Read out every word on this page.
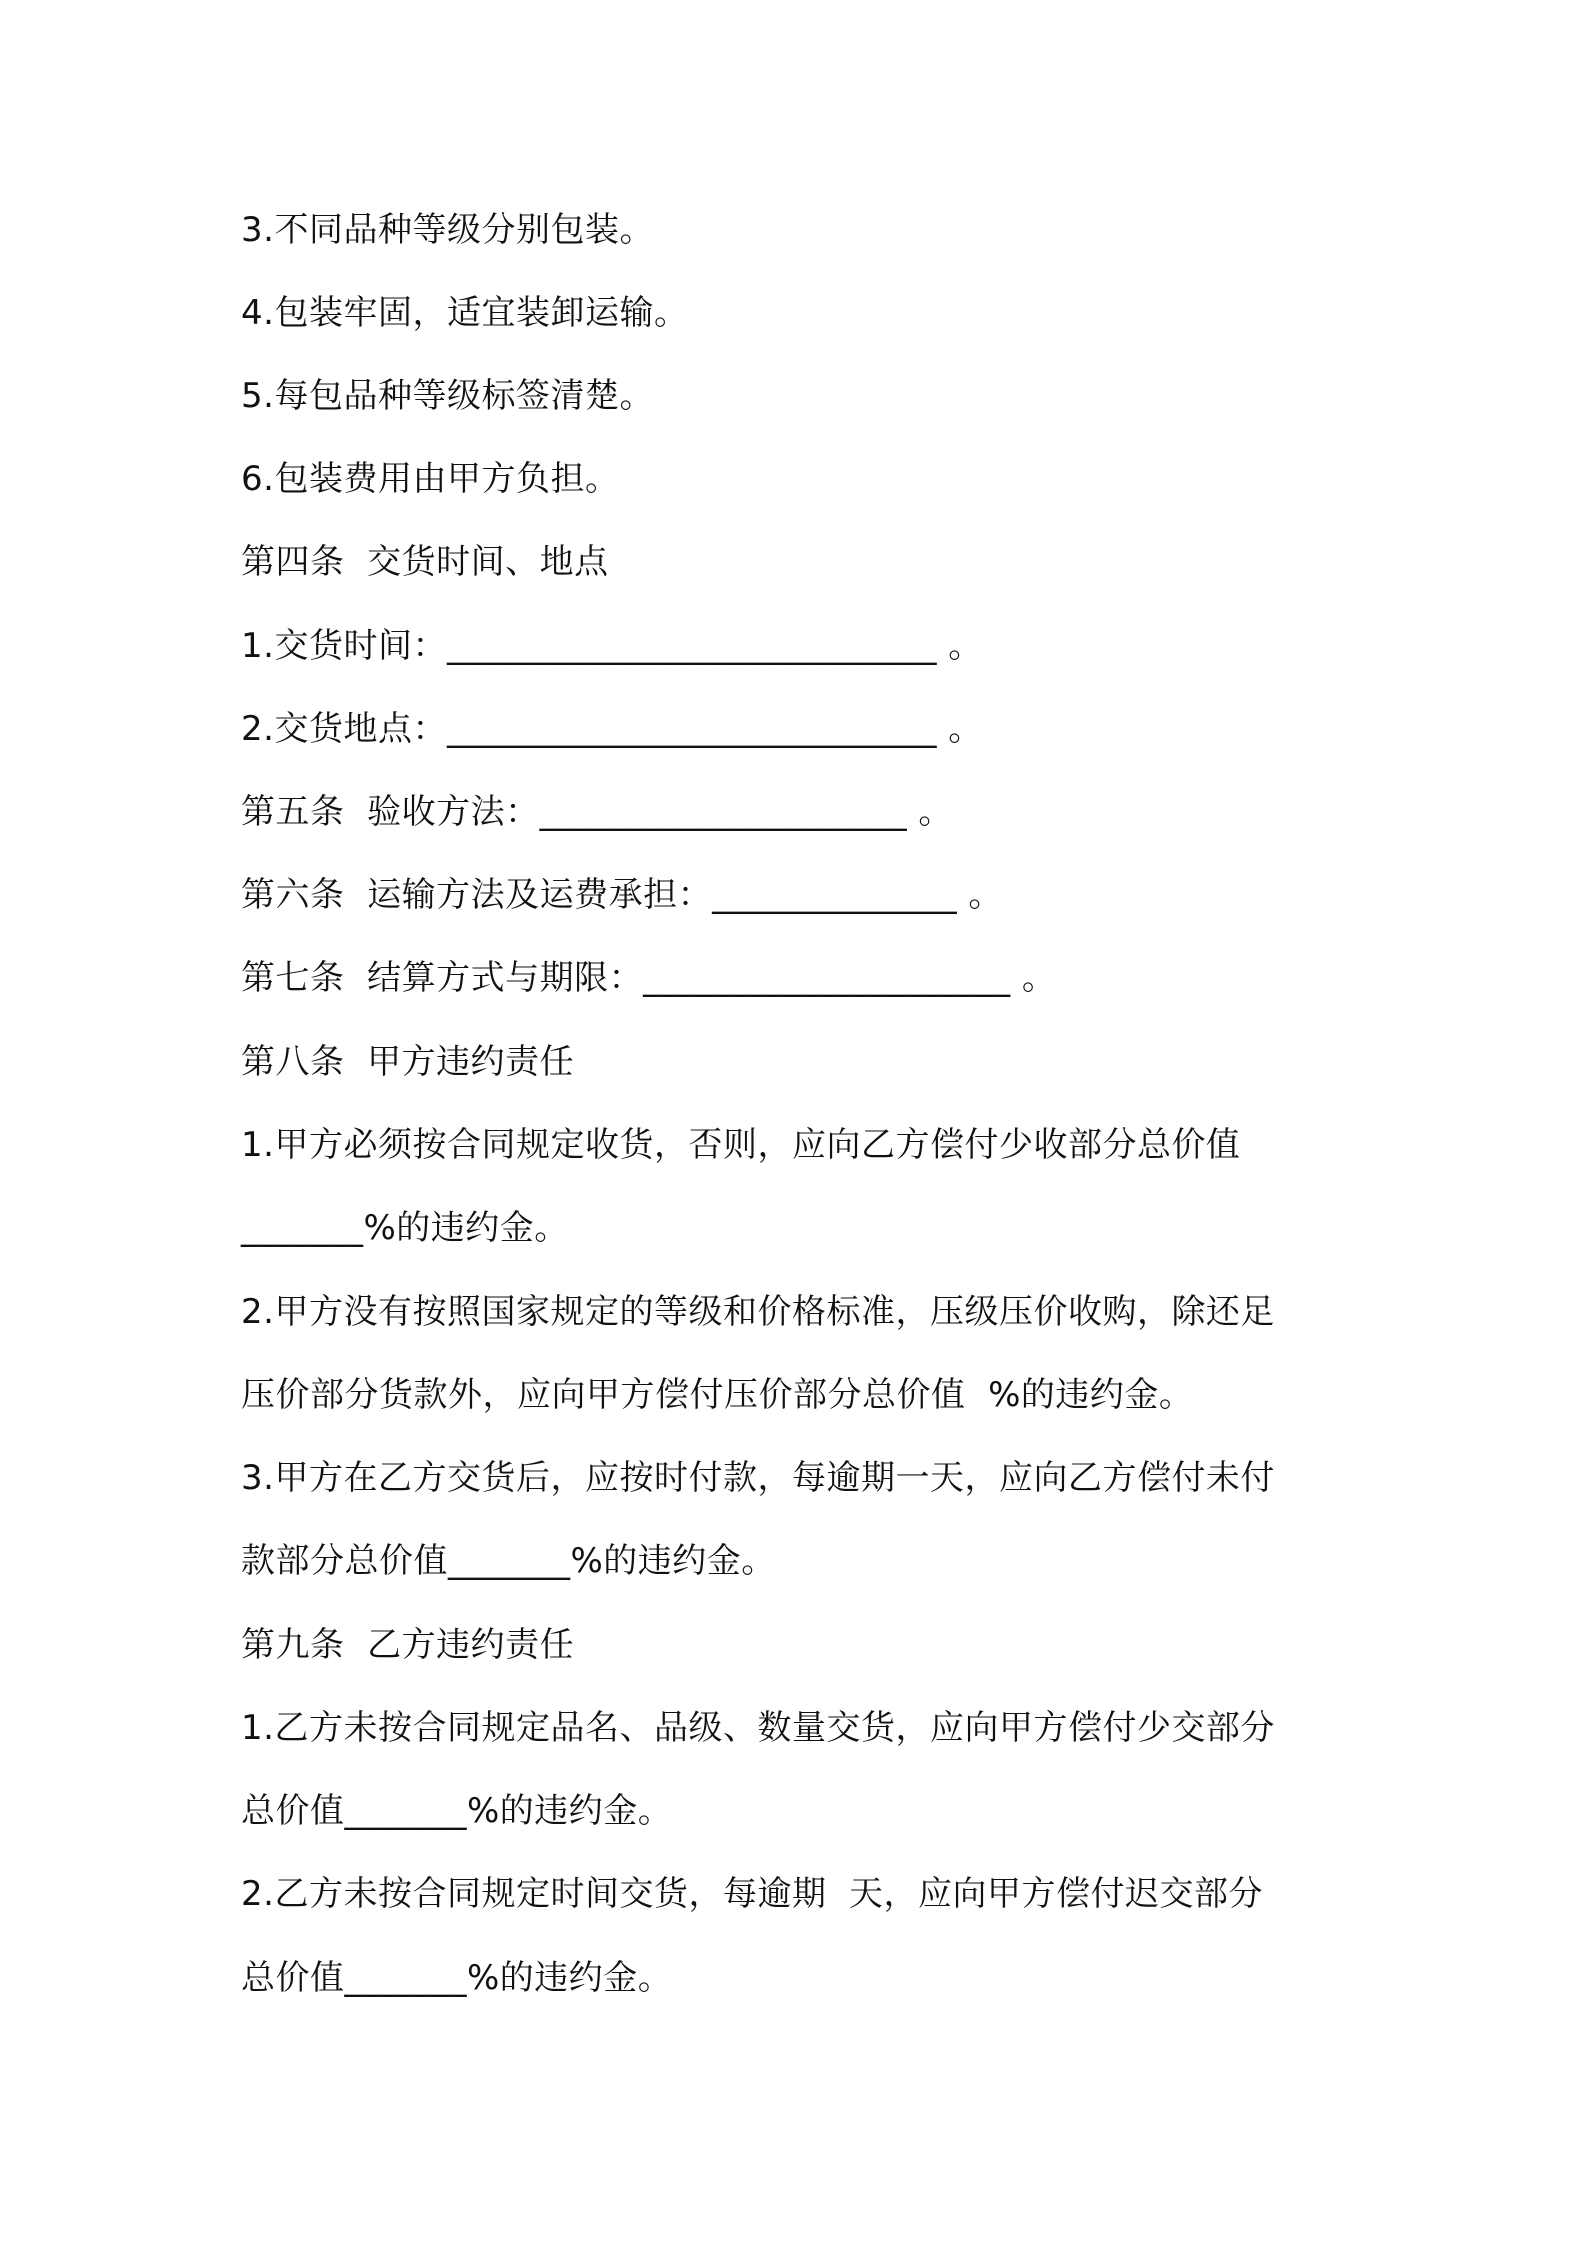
3.不同品种等级分别包装。
4.包装牢固，适宜装卸运输。
5.每包品种等级标签清楚。
6.包装费用由甲方负担。
第四条  交货时间、地点
1.交货时间：____________________________ 。
2.交货地点：____________________________ 。
第五条  验收方法：_____________________ 。
第六条  运输方法及运费承担：______________ 。
第七条  结算方式与期限：_____________________ 。
第八条  甲方违约责任
1.甲方必须按合同规定收货，否则，应向乙方偿付少收部分总价值
_______%的违约金。
2.甲方没有按照国家规定的等级和价格标准，压级压价收购，除还足
压价部分货款外，应向甲方偿付压价部分总价值  %的违约金。
3.甲方在乙方交货后，应按时付款，每逾期一天，应向乙方偿付未付
款部分总价值_______%的违约金。
第九条  乙方违约责任
1.乙方未按合同规定品名、品级、数量交货，应向甲方偿付少交部分
总价值_______%的违约金。
2.乙方未按合同规定时间交货，每逾期  天，应向甲方偿付迟交部分
总价值_______%的违约金。
